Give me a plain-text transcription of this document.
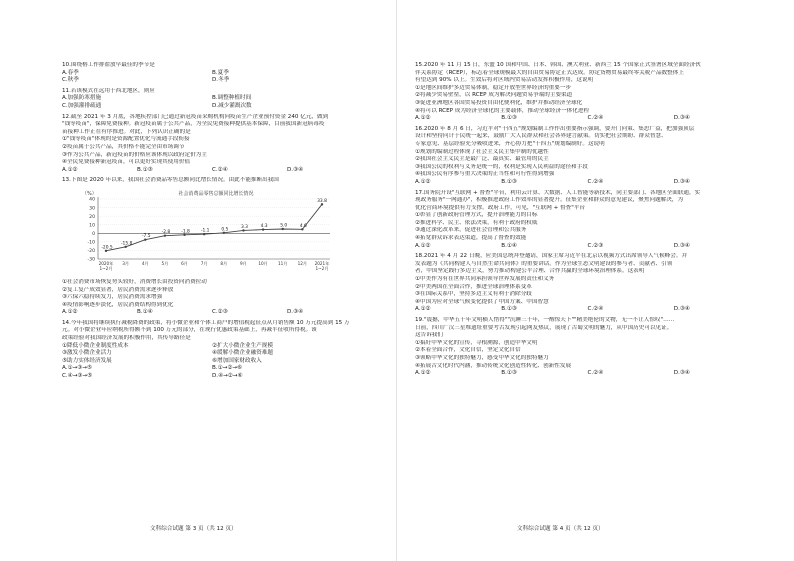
10.围绕榕工作排盐放早最佳的季节是
A.春季	B.夏季
C.秋季	D.冬季
11.若该模式在远用于西北地区，则应
A.加强防寒措施	B.调整种植时间
C.加强灌排疏通	D.减少灌溉次数
12.截至 2021 年 3 月底，各地疾控部门已通过新冠疫苗采购机构向疫苗生产企业预付资金 240 亿元，做到
"钱等疫苗"，保障免费接种。新冠疫苗属于公共产品，为全民免费接种提供基本保障，目前我国新冠病毒疫
苗接种工作正在有序推进。对此，下列认识正确的是
①"钱等疫苗"体现的是资源配置优化与流通手段衔接
②疫苗属于公共产品，其价格不能完全由市场调节
③作为公共产品，新冠疫苗的价格应该体现以政府定价为主
④全民免费接种新冠疫苗，可以更好实现其使用价值
A.①②	B.①③	C.②④	D.③④
13.下图是 2020 年以来，我国社会消费品零售总额同比增长情况。由此不能推断出我国
（%）	社会消费品零售总额同比增长情况
40
30
20
10
0
-10
-20
-30
-20.5
-15.8
-7.5
-2.8	-1.8	-1.1	0.5	3.3	4.3	5.0	4.6
33.8
2020年 1~2月
3月	4月	5月	6月	7月	8月	9月	10月 11月 12月 2021年 1~2月
①社会消费市场恢复势头较好，消费增长由投资向消费拉动
②复工复产成效显著，居民消费需求逐步释放
③六保六稳持续发力，居民消费需求增强
④疫情影响逐步淡化，居民消费结构得到优化
A.①②	B.①④	C.②③	D.③④
14.今年我国将继续执行减税降费的政策，将小微企业和个体工商户的增值税起征点从月销售额 10 万元提高到 15 万
元。对小微企业年应纳税所得额不到 100 万元的部分，在现行优惠政策基础上，再减半征收所得税。该
政策经验对我国经济发展的积极作用，其传导路径是
①降低小微企业制度性成本	②扩大小微企业生产规模
③激发小微企业活力	④缓解小微企业融资难题
⑤助力实体经济发展	⑥增加国家财政收入
A.①→③→⑤	B.①→②→⑥
C.④→③→⑤	D.④→②→⑥
文科综合试题 第 3 页（共 12 页）
15.2020 年 11 月 15 日，东盟 10 国和中国、日本、韩国、澳大利亚、新西兰 15 个国家正式签署区域全面经济伙
伴关系协定（RCEP），标志着全球规模最大的自由贸易协定正式达成。协定货物贸易最终零关税产品数整体上
有望达到 90% 以上。生效后将对区域内贸易活动发挥积极作用，这说明
①是地区间维护多边贸易体制，稳定开放型世界经济的重要一步
②将减少贸易壁垒，以 RCEP 成为解决问题贸易争端的主要渠道
③促进亚洲地区各国贸易投资自由化便利化，维护并推动经济全球化
④将可以 RCEP 成为经济全球化的主要载体，推动全球经济一体化进程
A.①②	B.①③	C.②④	D.③④
16.2020 年 8 月 6 日，习近平对"十四五"规划编制工作作出重要指示强调，要开门问策、集思广益，把加强顶层
设计和坚持问计于民统一起来，鼓励广大人民群众和社会各界建言献策。切实把社会期盼、群众智慧、
专家意见、基层经验充分吸收进来，齐心协力把"十四五"规划编制好。这说明
①规划的编制过程体现了社会主义民主集中制的优越性
②我国社会主义民主是最广泛、最真实、最管用的民主
③我国公民的权利与义务是统一的，权利是实现人民利益的途径和手段
④我国公民有序参与重大决策的正当性和可行性得到增强
A.①②	B.①③	C.②④	D.③④
17.国务院开设"互联网 + 督查"平台，利用云计算、大数据、人工智能等新技术，同主要部门、各地区全面联通，实
现政务服务"一网通办"，积极推进政府工作效率的显著提升。征集企业和群众的意见建议，聚焦问题解决，为
优化营商环境提供有力支撑。政府工作，可见，"互联网 + 督查"平台
①彰显了创新政府管理方式，提升治理能力的目标
②推进科学、民主、依法决策，有利于政府的权威
③通过深化改革来，促进社会管理和公共服务
④拓宽群众诉求表达渠道，提高了督查的效能
A.①②	B.①④	C.②③	D.③④
18.2021 年 4 月 22 日晚，应美国总统拜登邀请，国家主席习近平在北京以视频方式出席领导人气候峰会。并
发表题为《共同构建人与自然生命共同体》的重要讲话。作为全球生态文明建设的参与者、贡献者、引领
者，中国坚定践行多边主义，努力推动构建公平合理、合作共赢的全球环境治理体系。这表明
①中美作为有在世界共同承担领导世界发展的责任和义务
②中美两国在全面合作，推进全球治理体系变革
③在国际关系中，坚持多边主义有利于消除分歧
④中国为应对全球气候变化提供了中国方案、中国智慧
A.①②	B.①③	C.②④	D.③④
19."震撼，中华五千年文明横人惜得""沉睡三千年，一醒惊天下""精美绝伦的文物，无一不让人惊叹"……
日前，四川广汉三星堆遗址重要考古发现引起网友热议，展现了古蜀文明的魅力，从中国历史可以见证。
这告诉我们
①搞好中华文化的宣传，寻根溯源，创造中华文明
②本着全面合作，文化自信，坚定文化自信
③领略中华文化的独特魅力，感受中华文化的独特魅力
④拓展古文化时代内涵，推动传统文化创造性转化、创新性发展
A.①②	B.①③	C.②④	D.③④
文科综合试题 第 4 页（共 12 页）
